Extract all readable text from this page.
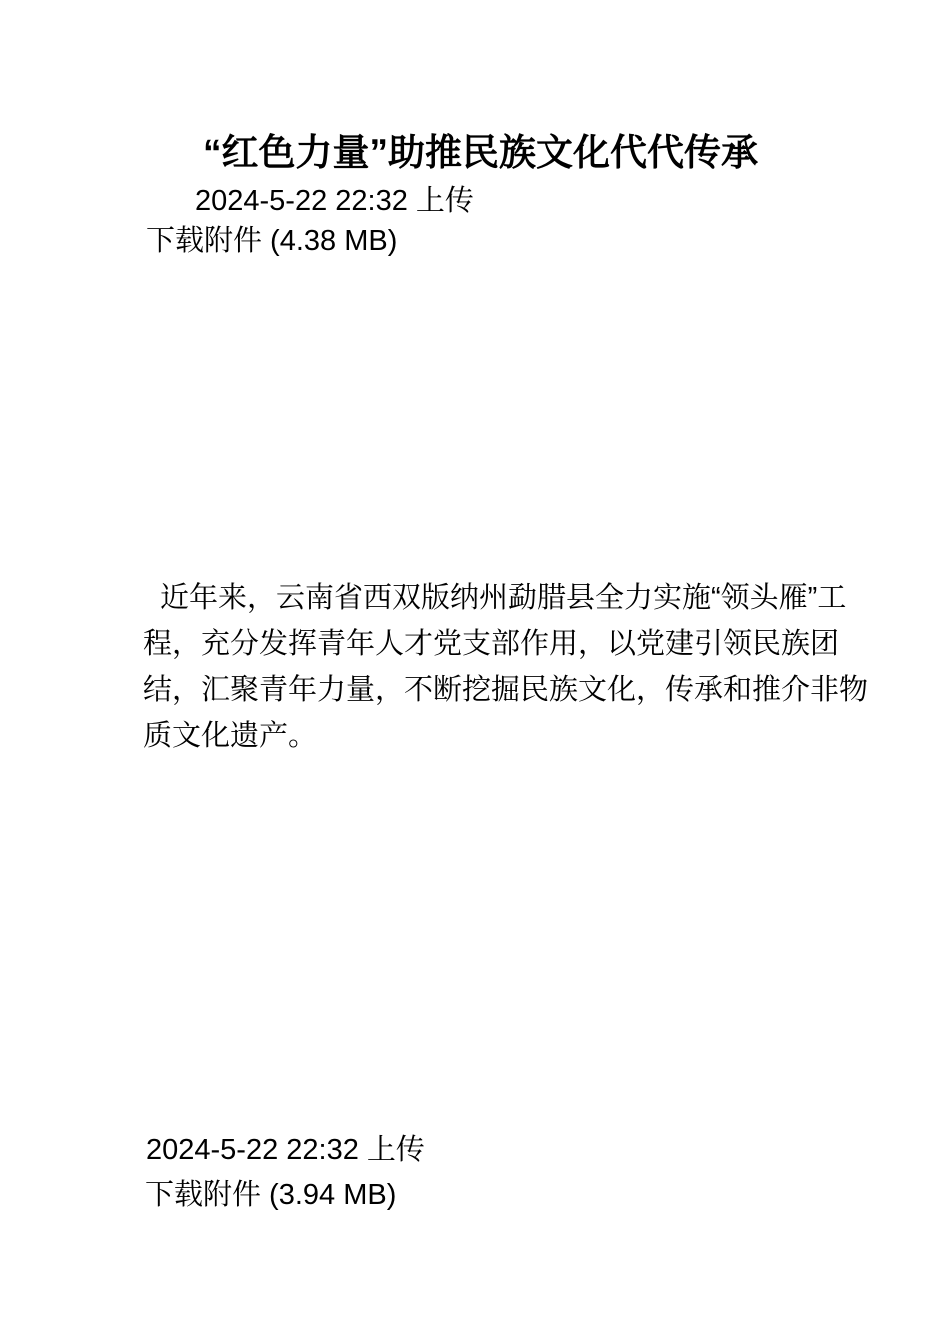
“红色力量”助推民族文化代代传承
2024-5-22 22:32 上传
下载附件 (4.38 MB)
近年来，云南省西双版纳州勐腊县全力实施“领头雁”工
程，充分发挥青年人才党支部作用，以党建引领民族团
结，汇聚青年力量，不断挖掘民族文化，传承和推介非物
质文化遗产。
2024-5-22 22:32 上传
下载附件 (3.94 MB)
